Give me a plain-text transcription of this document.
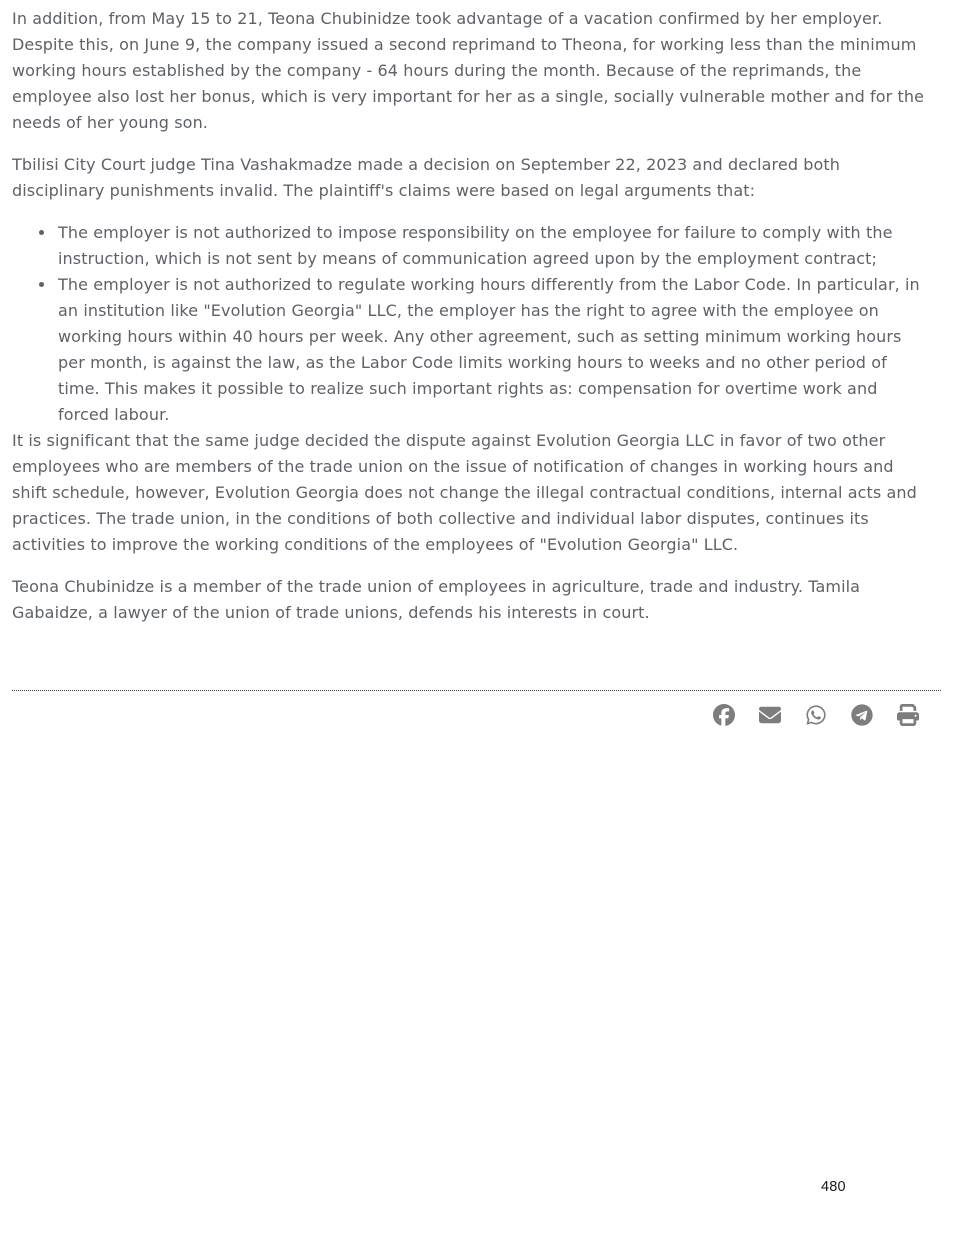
In addition, from May 15 to 21, Teona Chubinidze took advantage of a vacation confirmed by her employer. Despite this, on June 9, the company issued a second reprimand to Theona, for working less than the minimum working hours established by the company - 64 hours during the month. Because of the reprimands, the employee also lost her bonus, which is very important for her as a single, socially vulnerable mother and for the needs of her young son.

Tbilisi City Court judge Tina Vashakmadze made a decision on September 22, 2023 and declared both disciplinary punishments invalid. The plaintiff's claims were based on legal arguments that:

• The employer is not authorized to impose responsibility on the employee for failure to comply with the instruction, which is not sent by means of communication agreed upon by the employment contract;
• The employer is not authorized to regulate working hours differently from the Labor Code. In particular, in an institution like "Evolution Georgia" LLC, the employer has the right to agree with the employee on working hours within 40 hours per week. Any other agreement, such as setting minimum working hours per month, is against the law, as the Labor Code limits working hours to weeks and no other period of time. This makes it possible to realize such important rights as: compensation for overtime work and forced labour.

It is significant that the same judge decided the dispute against Evolution Georgia LLC in favor of two other employees who are members of the trade union on the issue of notification of changes in working hours and shift schedule, however, Evolution Georgia does not change the illegal contractual conditions, internal acts and practices. The trade union, in the conditions of both collective and individual labor disputes, continues its activities to improve the working conditions of the employees of "Evolution Georgia" LLC.

Teona Chubinidze is a member of the trade union of employees in agriculture, trade and industry. Tamila Gabaidze, a lawyer of the union of trade unions, defends his interests in court.

480
